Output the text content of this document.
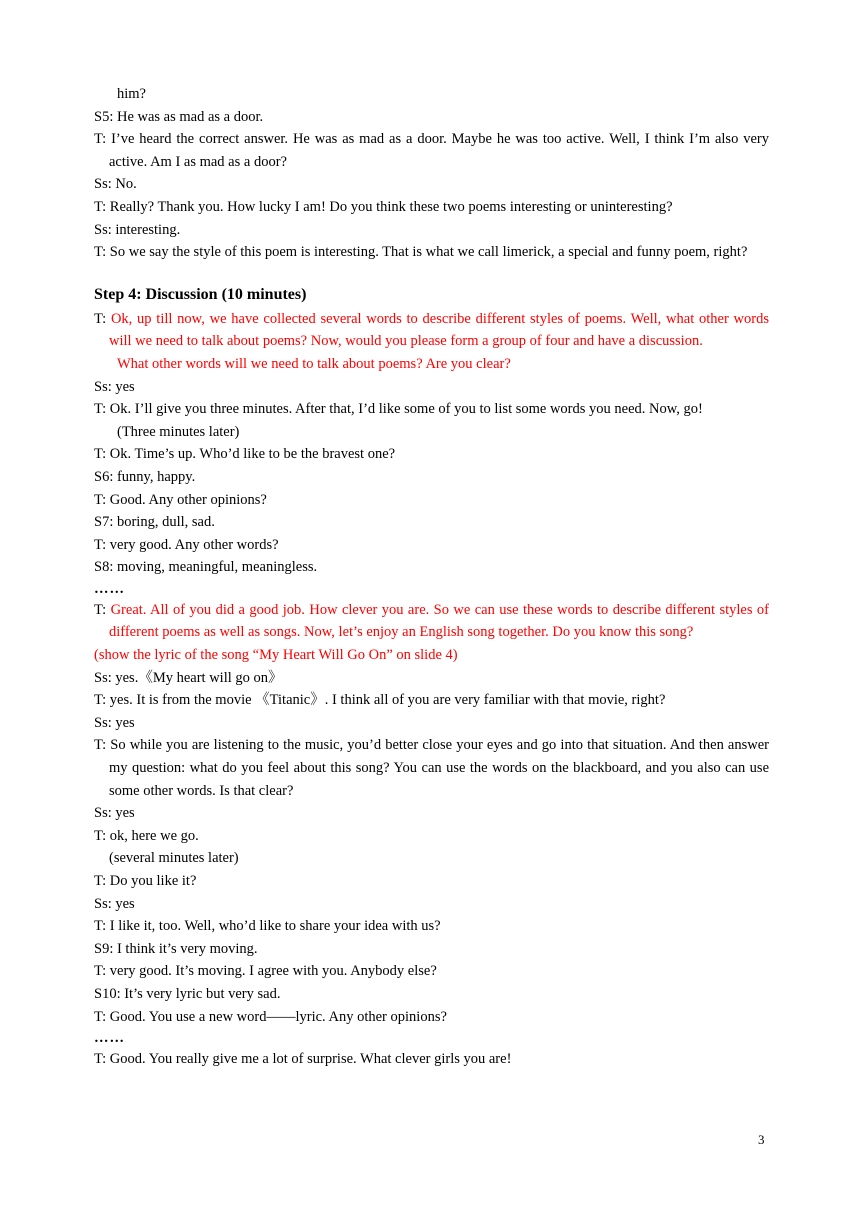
him?

S5: He was as mad as a door.

T: I’ve heard the correct answer. He was as mad as a door. Maybe he was too active. Well, I think I’m also very active. Am I as mad as a door?

Ss: No.

T: Really? Thank you. How lucky I am! Do you think these two poems interesting or uninteresting?

Ss: interesting.

T: So we say the style of this poem is interesting. That is what we call limerick, a special and funny poem, right?

Step 4: Discussion (10 minutes)

T: Ok, up till now, we have collected several words to describe different styles of poems. Well, what other words will we need to talk about poems? Now, would you please form a group of four and have a discussion.

What other words will we need to talk about poems? Are you clear?

Ss: yes

T: Ok. I’ll give you three minutes. After that, I’d like some of you to list some words you need. Now, go!

(Three minutes later)

T: Ok. Time’s up. Who’d like to be the bravest one?

S6: funny, happy.

T: Good. Any other opinions?

S7: boring, dull, sad.

T: very good. Any other words?

S8: moving, meaningful, meaningless.

……

T: Great. All of you did a good job. How clever you are. So we can use these words to describe different styles of different poems as well as songs. Now, let’s enjoy an English song together. Do you know this song?

(show the lyric of the song “My Heart Will Go On” on slide 4)

Ss: yes.《My heart will go on》

T: yes. It is from the movie 《Titanic》. I think all of you are very familiar with that movie, right?

Ss: yes

T: So while you are listening to the music, you’d better close your eyes and go into that situation. And then answer my question: what do you feel about this song? You can use the words on the blackboard, and you also can use some other words. Is that clear?

Ss: yes

T: ok, here we go.

(several minutes later)

T: Do you like it?

Ss: yes

T: I like it, too. Well, who’d like to share your idea with us?

S9: I think it’s very moving.

T: very good. It’s moving. I agree with you. Anybody else?

S10: It’s very lyric but very sad.

T: Good. You use a new word——lyric. Any other opinions?

……

T: Good. You really give me a lot of surprise. What clever girls you are!

3
